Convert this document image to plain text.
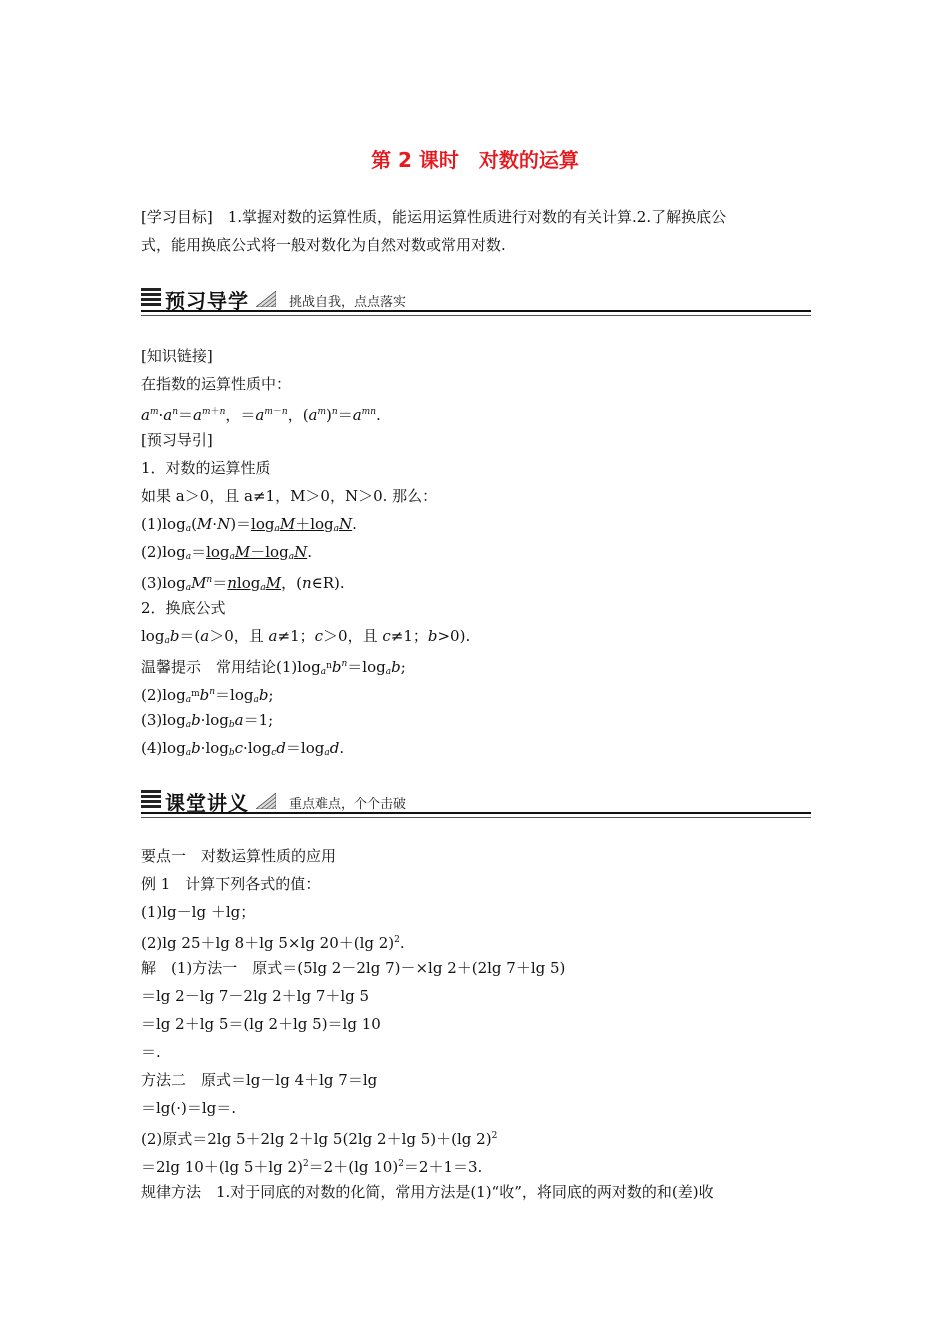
第 2 课时　对数的运算

[学习目标]　1.掌握对数的运算性质，能运用运算性质进行对数的有关计算.2.了解换底公

式，能用换底公式将一般对数化为自然对数或常用对数.

预习导学	挑战自我，点点落实
[知识链接]
在指数的运算性质中：
$a^m\cdot a^n=a^{m+n}$，$=a^{m-n}$，$(a^m)^n=a^{mn}$.
[预习导引]
1．对数的运算性质
如果 a＞0，且 a≠1，M＞0，N＞0. 那么：
$(1)\log_a(M\cdot N)=\log_aM+\log_aN$.
$(2)\log_a=\log_aM-\log_aN$.
$(3)\log_aM^n=nlog_aM$，(n∈R).
2．换底公式
$\log_ab=(a>0$，且 a≠1；c＞0，且 c≠1；b>0).
温馨提示　常用结论$(1)\log_{a^n}b^n=\log_ab$;
$(2)\log_{a^m}b^n=\log_ab$;
$(3)\log_ab\cdot\log_ba=1$;
$(4)\log_ab\cdot\log_bc\cdot\log_cd=\log_ad$.
课堂讲义	重点难点，个个击破
要点一　对数运算性质的应用
例 1　计算下列各式的值：
(1)lg－lg ＋lg；
(2)lg 25＋lg 8＋lg 5×lg 20＋(lg 2)$^2$.
解　(1)方法一　原式＝(5lg 2－2lg 7)－×lg 2＋(2lg 7＋lg 5)
＝lg 2－lg 7－2lg 2＋lg 7＋lg 5
＝lg 2＋lg 5＝(lg 2＋lg 5)＝lg 10
＝.
方法二　原式＝lg－lg 4＋lg 7＝lg
＝lg(·)＝lg＝.
(2)原式＝2lg 5＋2lg 2＋lg 5(2lg 2＋lg 5)＋(lg 2)$^2$
＝2lg 10＋(lg 5＋lg 2)$^2$＝2＋(lg 10)$^2$＝2＋1＝3.
规律方法　1.对于同底的对数的化简，常用方法是(1)“收”，将同底的两对数的和(差)收
